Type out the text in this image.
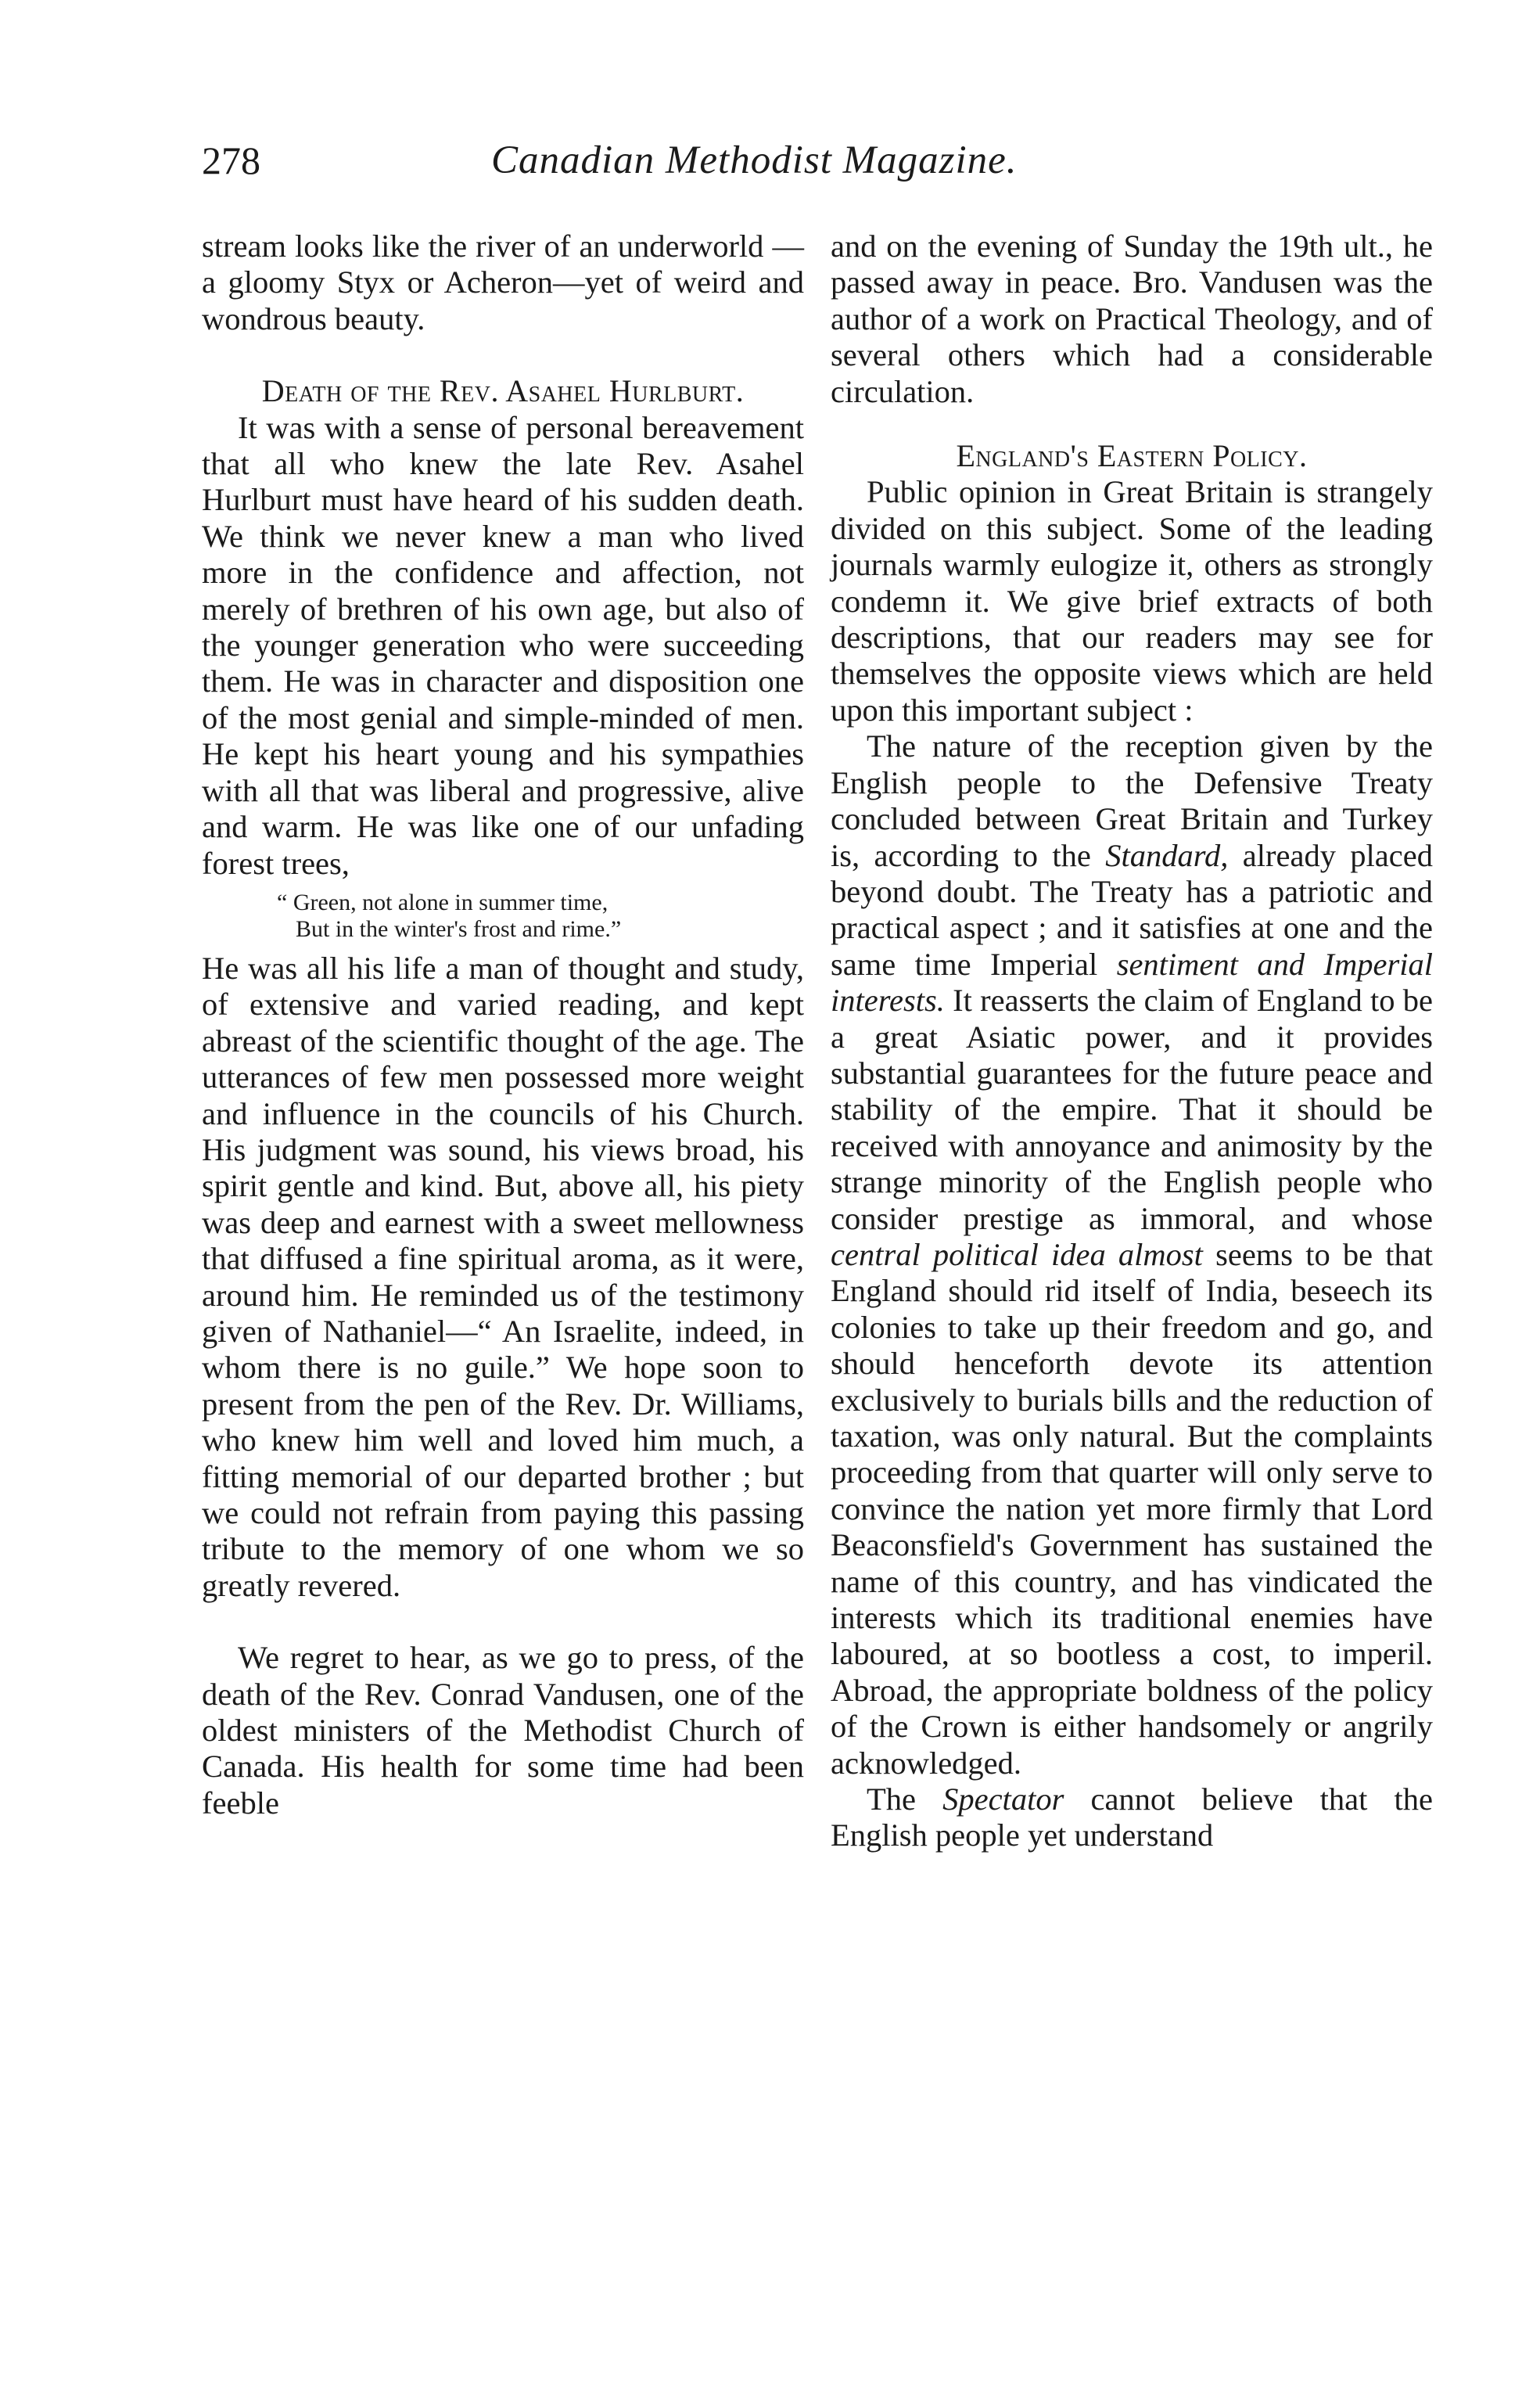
278	Canadian Methodist Magazine.

stream looks like the river of an underworld — a gloomy Styx or Acheron—yet of weird and wondrous beauty.

Death of the Rev. Asahel Hurlburt.

It was with a sense of personal bereavement that all who knew the late Rev. Asahel Hurlburt must have heard of his sudden death. We think we never knew a man who lived more in the confidence and affection, not merely of brethren of his own age, but also of the younger generation who were succeeding them. He was in character and disposition one of the most genial and simple-minded of men. He kept his heart young and his sympathies with all that was liberal and progressive, alive and warm. He was like one of our unfading forest trees,

“ Green, not alone in summer time,
But in the winter's frost and rime.”

He was all his life a man of thought and study, of extensive and varied reading, and kept abreast of the scientific thought of the age. The utterances of few men possessed more weight and influence in the councils of his Church. His judgment was sound, his views broad, his spirit gentle and kind. But, above all, his piety was deep and earnest with a sweet mellowness that diffused a fine spiritual aroma, as it were, around him. He reminded us of the testimony given of Nathaniel—“ An Israelite, indeed, in whom there is no guile.” We hope soon to present from the pen of the Rev. Dr. Williams, who knew him well and loved him much, a fitting memorial of our departed brother ; but we could not refrain from paying this passing tribute to the memory of one whom we so greatly revered.

We regret to hear, as we go to press, of the death of the Rev. Conrad Vandusen, one of the oldest ministers of the Methodist Church of Canada. His health for some time had been feeble

and on the evening of Sunday the 19th ult., he passed away in peace. Bro. Vandusen was the author of a work on Practical Theology, and of several others which had a considerable circulation.

England's Eastern Policy.

Public opinion in Great Britain is strangely divided on this subject. Some of the leading journals warmly eulogize it, others as strongly condemn it. We give brief extracts of both descriptions, that our readers may see for themselves the opposite views which are held upon this important subject :

The nature of the reception given by the English people to the Defensive Treaty concluded between Great Britain and Turkey is, according to the Standard, already placed beyond doubt. The Treaty has a patriotic and practical aspect ; and it satisfies at one and the same time Imperial sentiment and Imperial interests. It reasserts the claim of England to be a great Asiatic power, and it provides substantial guarantees for the future peace and stability of the empire. That it should be received with annoyance and animosity by the strange minority of the English people who consider prestige as immoral, and whose central political idea almost seems to be that England should rid itself of India, beseech its colonies to take up their freedom and go, and should henceforth devote its attention exclusively to burials bills and the reduction of taxation, was only natural. But the complaints proceeding from that quarter will only serve to convince the nation yet more firmly that Lord Beaconsfield's Government has sustained the name of this country, and has vindicated the interests which its traditional enemies have laboured, at so bootless a cost, to imperil. Abroad, the appropriate boldness of the policy of the Crown is either handsomely or angrily acknowledged.

The Spectator cannot believe that the English people yet understand
